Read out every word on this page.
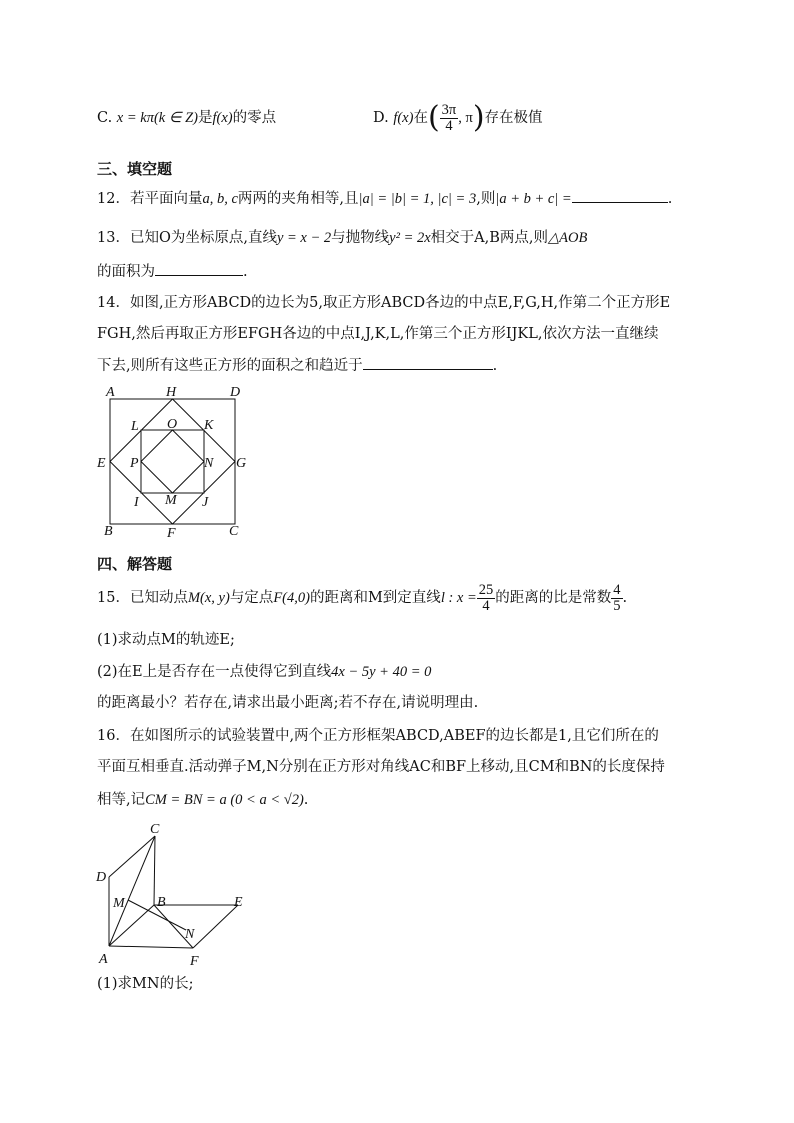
C. x = kπ(k ∈ Z)是f(x)的零点	D. f(x)在( $\frac{3\pi}{4}$ , π)存在极值
三、填空题
12．若平面向量a, b, c两两的夹角相等,且|a| = |b| = 1, |c| = 3,则|a + b + c| =	.
13．已知O为坐标原点,直线y = x − 2与抛物线y² = 2x相交于A,B两点,则△AOB
的面积为	.
14．如图,正方形ABCD的边长为5,取正方形ABCD各边的中点E,F,G,H,作第二个正方形E
FGH,然后再取正方形EFGH各边的中点I,J,K,L,作第三个正方形IJKL,依次方法一直继续
下去,则所有这些正方形的面积之和趋近于	.
A	H	D
L O K
E P	N G
I M J
B	F	C
四、解答题
15．已知动点M(x, y)与定点F(4,0)的距离和M到定直线l : $x = \frac{25}{4}$ 的距离的比是常数 $\frac{4}{5}$ .
(1)求动点M的轨迹E;
(2)在E上是否存在一点使得它到直线4x − 5y + 40 = 0
的距离最小？若存在,请求出最小距离;若不存在,请说明理由.
16．在如图所示的试验装置中,两个正方形框架ABCD,ABEF的边长都是1,且它们所在的
平面互相垂直.活动弹子M,N分别在正方形对角线AC和BF上移动,且CM和BN的长度保持
相等,记CM = BN = a (0 < a < √2).
C
D
M B	E
N
A	F
(1)求MN的长;
